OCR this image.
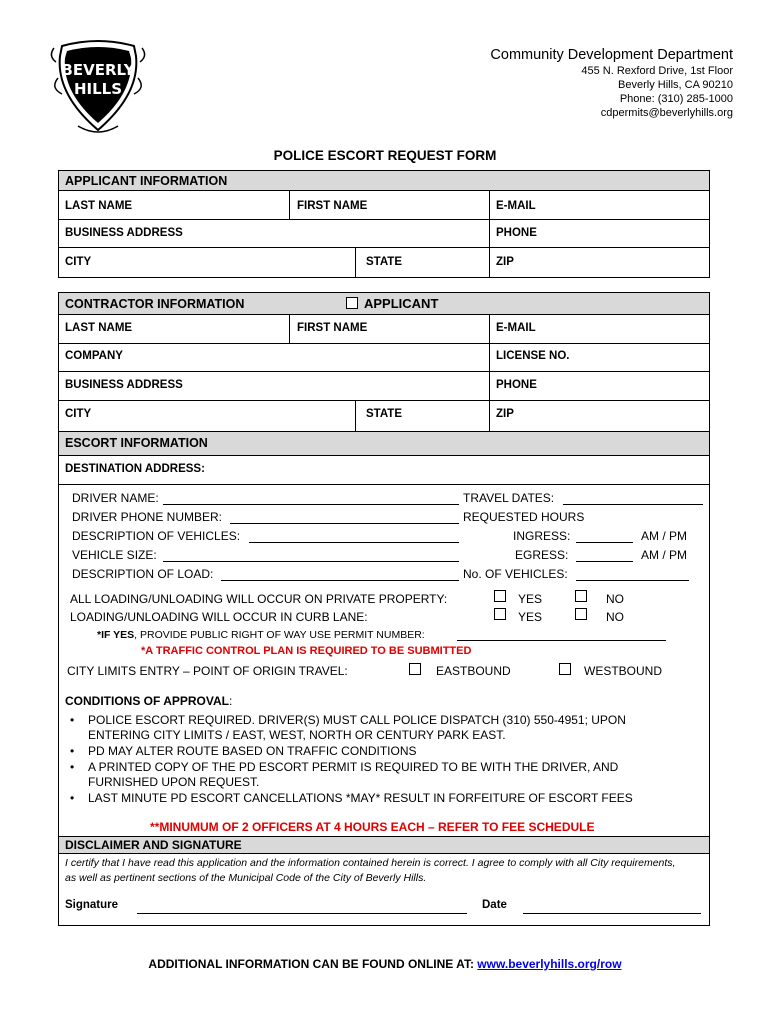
BEVERLY
HILLS
Community Development Department
455 N. Rexford Drive, 1st Floor
Beverly Hills, CA 90210
Phone: (310) 285-1000
cdpermits@beverlyhills.org
POLICE ESCORT REQUEST FORM
APPLICANT INFORMATION
LAST NAME	FIRST NAME	E-MAIL
BUSINESS ADDRESS	PHONE
CITY	STATE	ZIP
CONTRACTOR INFORMATION	APPLICANT
LAST NAME	FIRST NAME	E-MAIL
COMPANY	LICENSE NO.
BUSINESS ADDRESS	PHONE
CITY	STATE	ZIP
ESCORT INFORMATION
DESTINATION ADDRESS:
DRIVER NAME:	TRAVEL DATES:
DRIVER PHONE NUMBER:	REQUESTED HOURS
DESCRIPTION OF VEHICLES:	INGRESS:	AM / PM
VEHICLE SIZE:	EGRESS:	AM / PM
DESCRIPTION OF LOAD:	No. OF VEHICLES:
ALL LOADING/UNLOADING WILL OCCUR ON PRIVATE PROPERTY:	YES	NO
LOADING/UNLOADING WILL OCCUR IN CURB LANE:	YES	NO
*IF YES, PROVIDE PUBLIC RIGHT OF WAY USE PERMIT NUMBER:
*A TRAFFIC CONTROL PLAN IS REQUIRED TO BE SUBMITTED
CITY LIMITS ENTRY – POINT OF ORIGIN TRAVEL:	EASTBOUND	WESTBOUND
CONDITIONS OF APPROVAL:
• POLICE ESCORT REQUIRED. DRIVER(S) MUST CALL POLICE DISPATCH (310) 550-4951; UPON ENTERING CITY LIMITS / EAST, WEST, NORTH OR CENTURY PARK EAST.
• PD MAY ALTER ROUTE BASED ON TRAFFIC CONDITIONS
• A PRINTED COPY OF THE PD ESCORT PERMIT IS REQUIRED TO BE WITH THE DRIVER, AND FURNISHED UPON REQUEST.
• LAST MINUTE PD ESCORT CANCELLATIONS *MAY* RESULT IN FORFEITURE OF ESCORT FEES
**MINUMUM OF 2 OFFICERS AT 4 HOURS EACH – REFER TO FEE SCHEDULE
DISCLAIMER AND SIGNATURE
I certify that I have read this application and the information contained herein is correct. I agree to comply with all City requirements, as well as pertinent sections of the Municipal Code of the City of Beverly Hills.
Signature	Date
ADDITIONAL INFORMATION CAN BE FOUND ONLINE AT: www.beverlyhills.org/row
